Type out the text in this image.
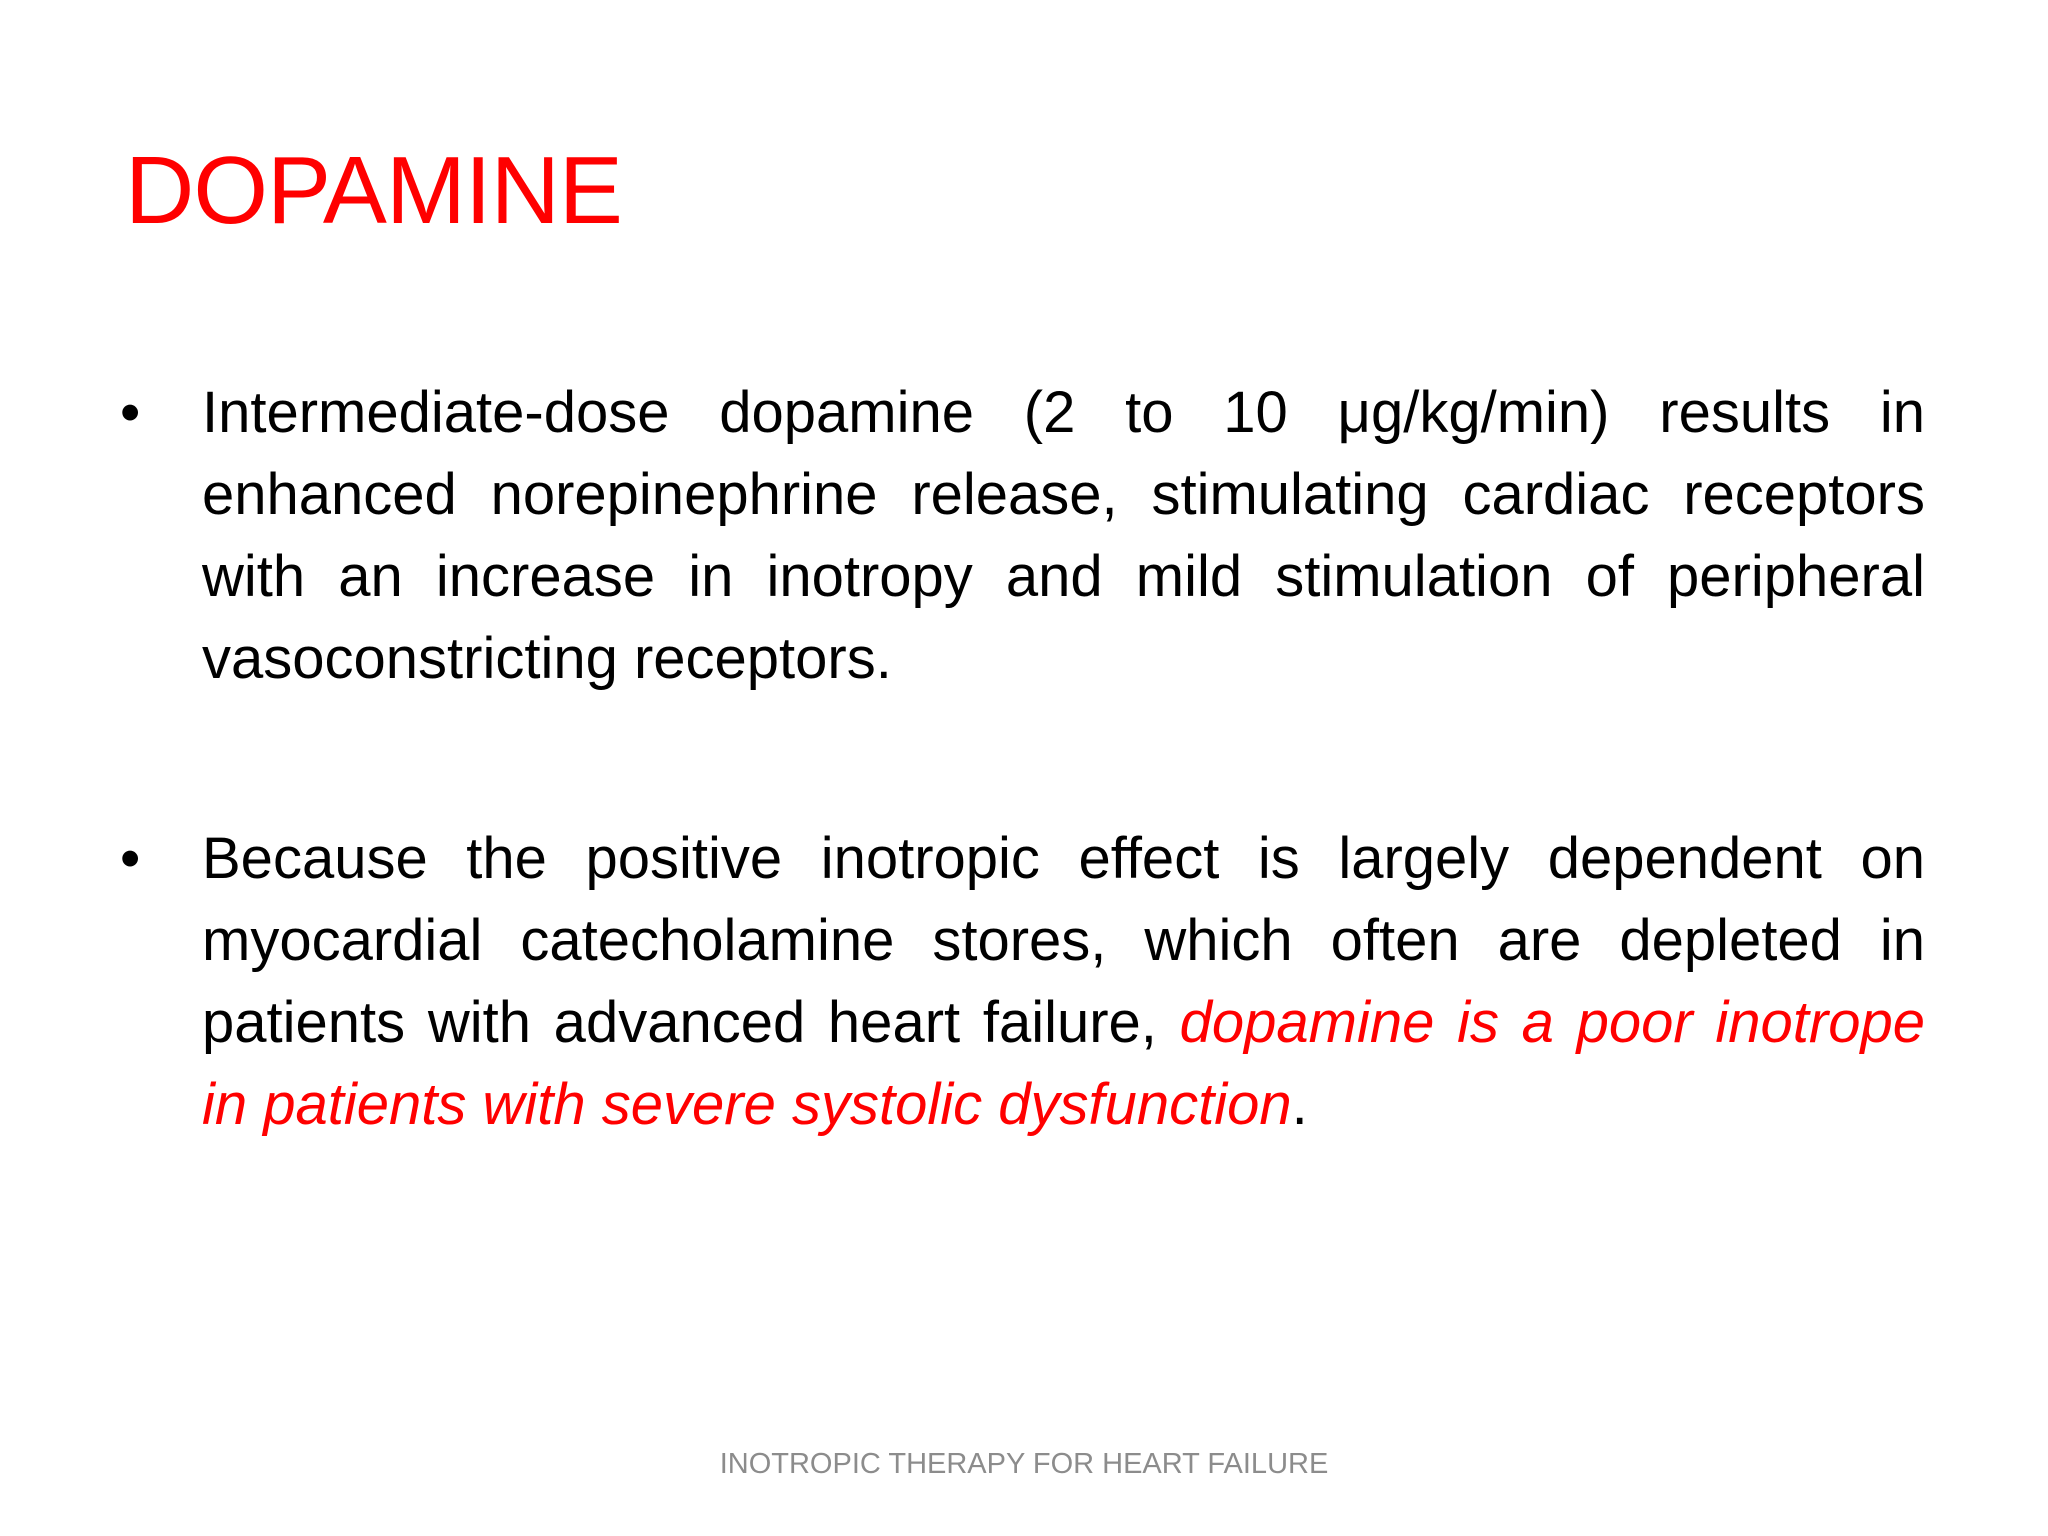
DOPAMINE
• Intermediate-dose dopamine (2 to 10 μg/kg/min) results in enhanced norepinephrine release, stimulating cardiac receptors with an increase in inotropy and mild stimulation of peripheral vasoconstricting receptors.
• Because the positive inotropic effect is largely dependent on myocardial catecholamine stores, which often are depleted in patients with advanced heart failure, dopamine is a poor inotrope in patients with severe systolic dysfunction.
INOTROPIC THERAPY FOR HEART FAILURE
